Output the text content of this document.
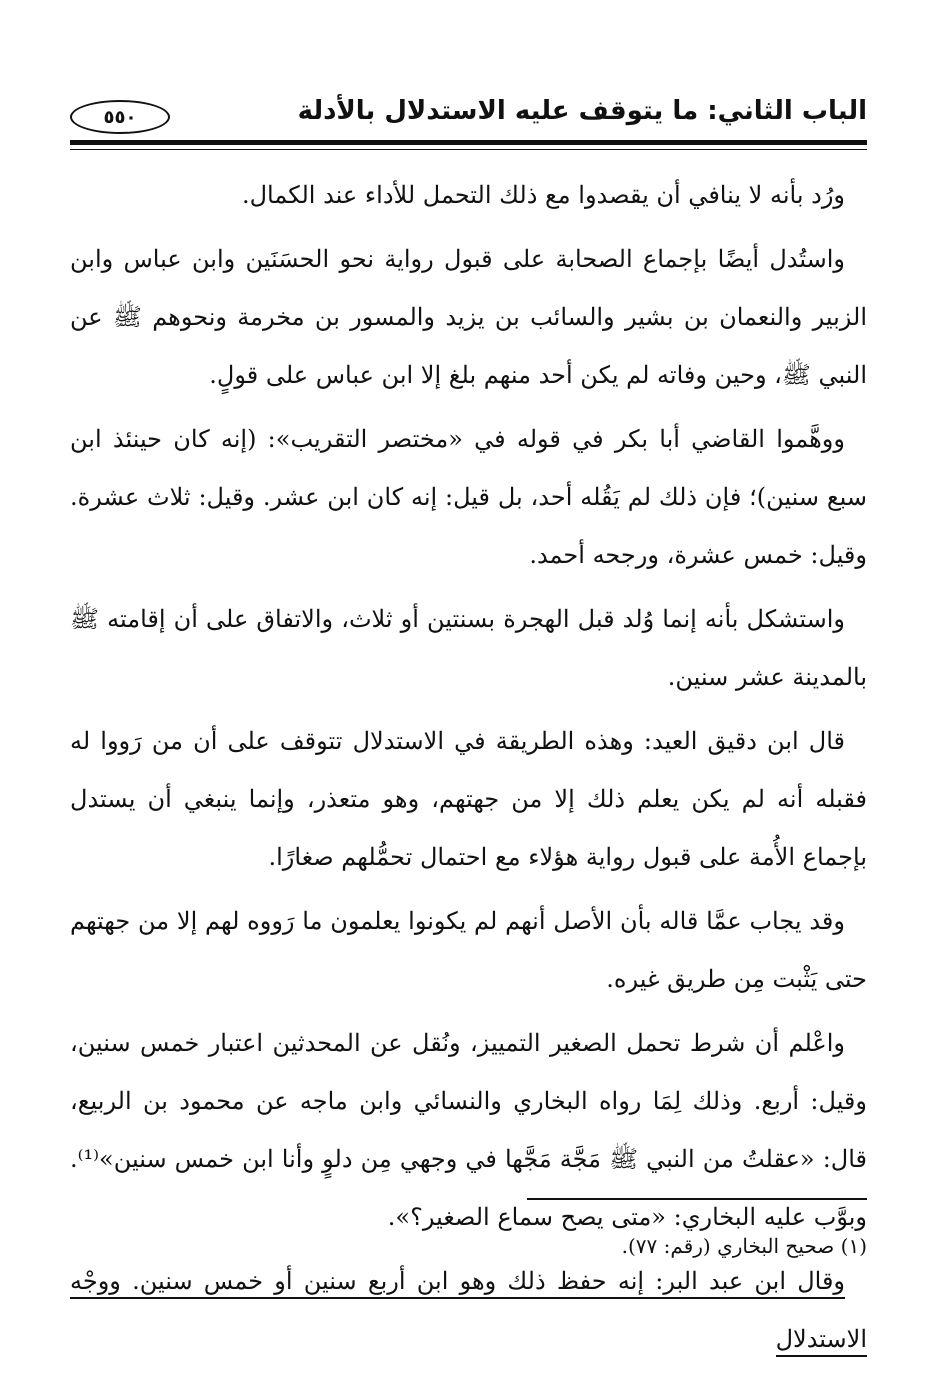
الباب الثاني: ما يتوقف عليه الاستدلال بالأدلة
٥٥٠

ورُد بأنه لا ينافي أن يقصدوا مع ذلك التحمل للأداء عند الكمال.

واستُدل أيضًا بإجماع الصحابة على قبول رواية نحو الحسَنَين وابن عباس وابن الزبير والنعمان بن بشير والسائب بن يزيد والمسور بن مخرمة ونحوهم ﷺ عن النبي ﷺ، وحين وفاته لم يكن أحد منهم بلغ إلا ابن عباس على قولٍ.

ووهَّموا القاضي أبا بكر في قوله في «مختصر التقريب»: (إنه كان حينئذ ابن سبع سنين)؛ فإن ذلك لم يَقُله أحد، بل قيل: إنه كان ابن عشر. وقيل: ثلاث عشرة. وقيل: خمس عشرة، ورجحه أحمد.

واستشكل بأنه إنما وُلد قبل الهجرة بسنتين أو ثلاث، والاتفاق على أن إقامته ﷺ بالمدينة عشر سنين.

قال ابن دقيق العيد: وهذه الطريقة في الاستدلال تتوقف على أن من رَووا له فقبله أنه لم يكن يعلم ذلك إلا من جهتهم، وهو متعذر، وإنما ينبغي أن يستدل بإجماع الأُمة على قبول رواية هؤلاء مع احتمال تحمُّلهم صغارًا.

وقد يجاب عمَّا قاله بأن الأصل أنهم لم يكونوا يعلمون ما رَووه لهم إلا من جهتهم حتى يَثْبت مِن طريق غيره.

واعْلم أن شرط تحمل الصغير التمييز، ونُقل عن المحدثين اعتبار خمس سنين، وقيل: أربع. وذلك لِمَا رواه البخاري والنسائي وابن ماجه عن محمود بن الربيع، قال: «عقلتُ من النبي ﷺ مَجَّة مَجَّها في وجهي مِن دلوٍ وأنا ابن خمس سنين»⁽¹⁾. وبوَّب عليه البخاري: «متى يصح سماع الصغير؟».

وقال ابن عبد البر: إنه حفظ ذلك وهو ابن أربع سنين أو خمس سنين. ووجْه الاستدلال

(١) صحيح البخاري (رقم: ٧٧).
